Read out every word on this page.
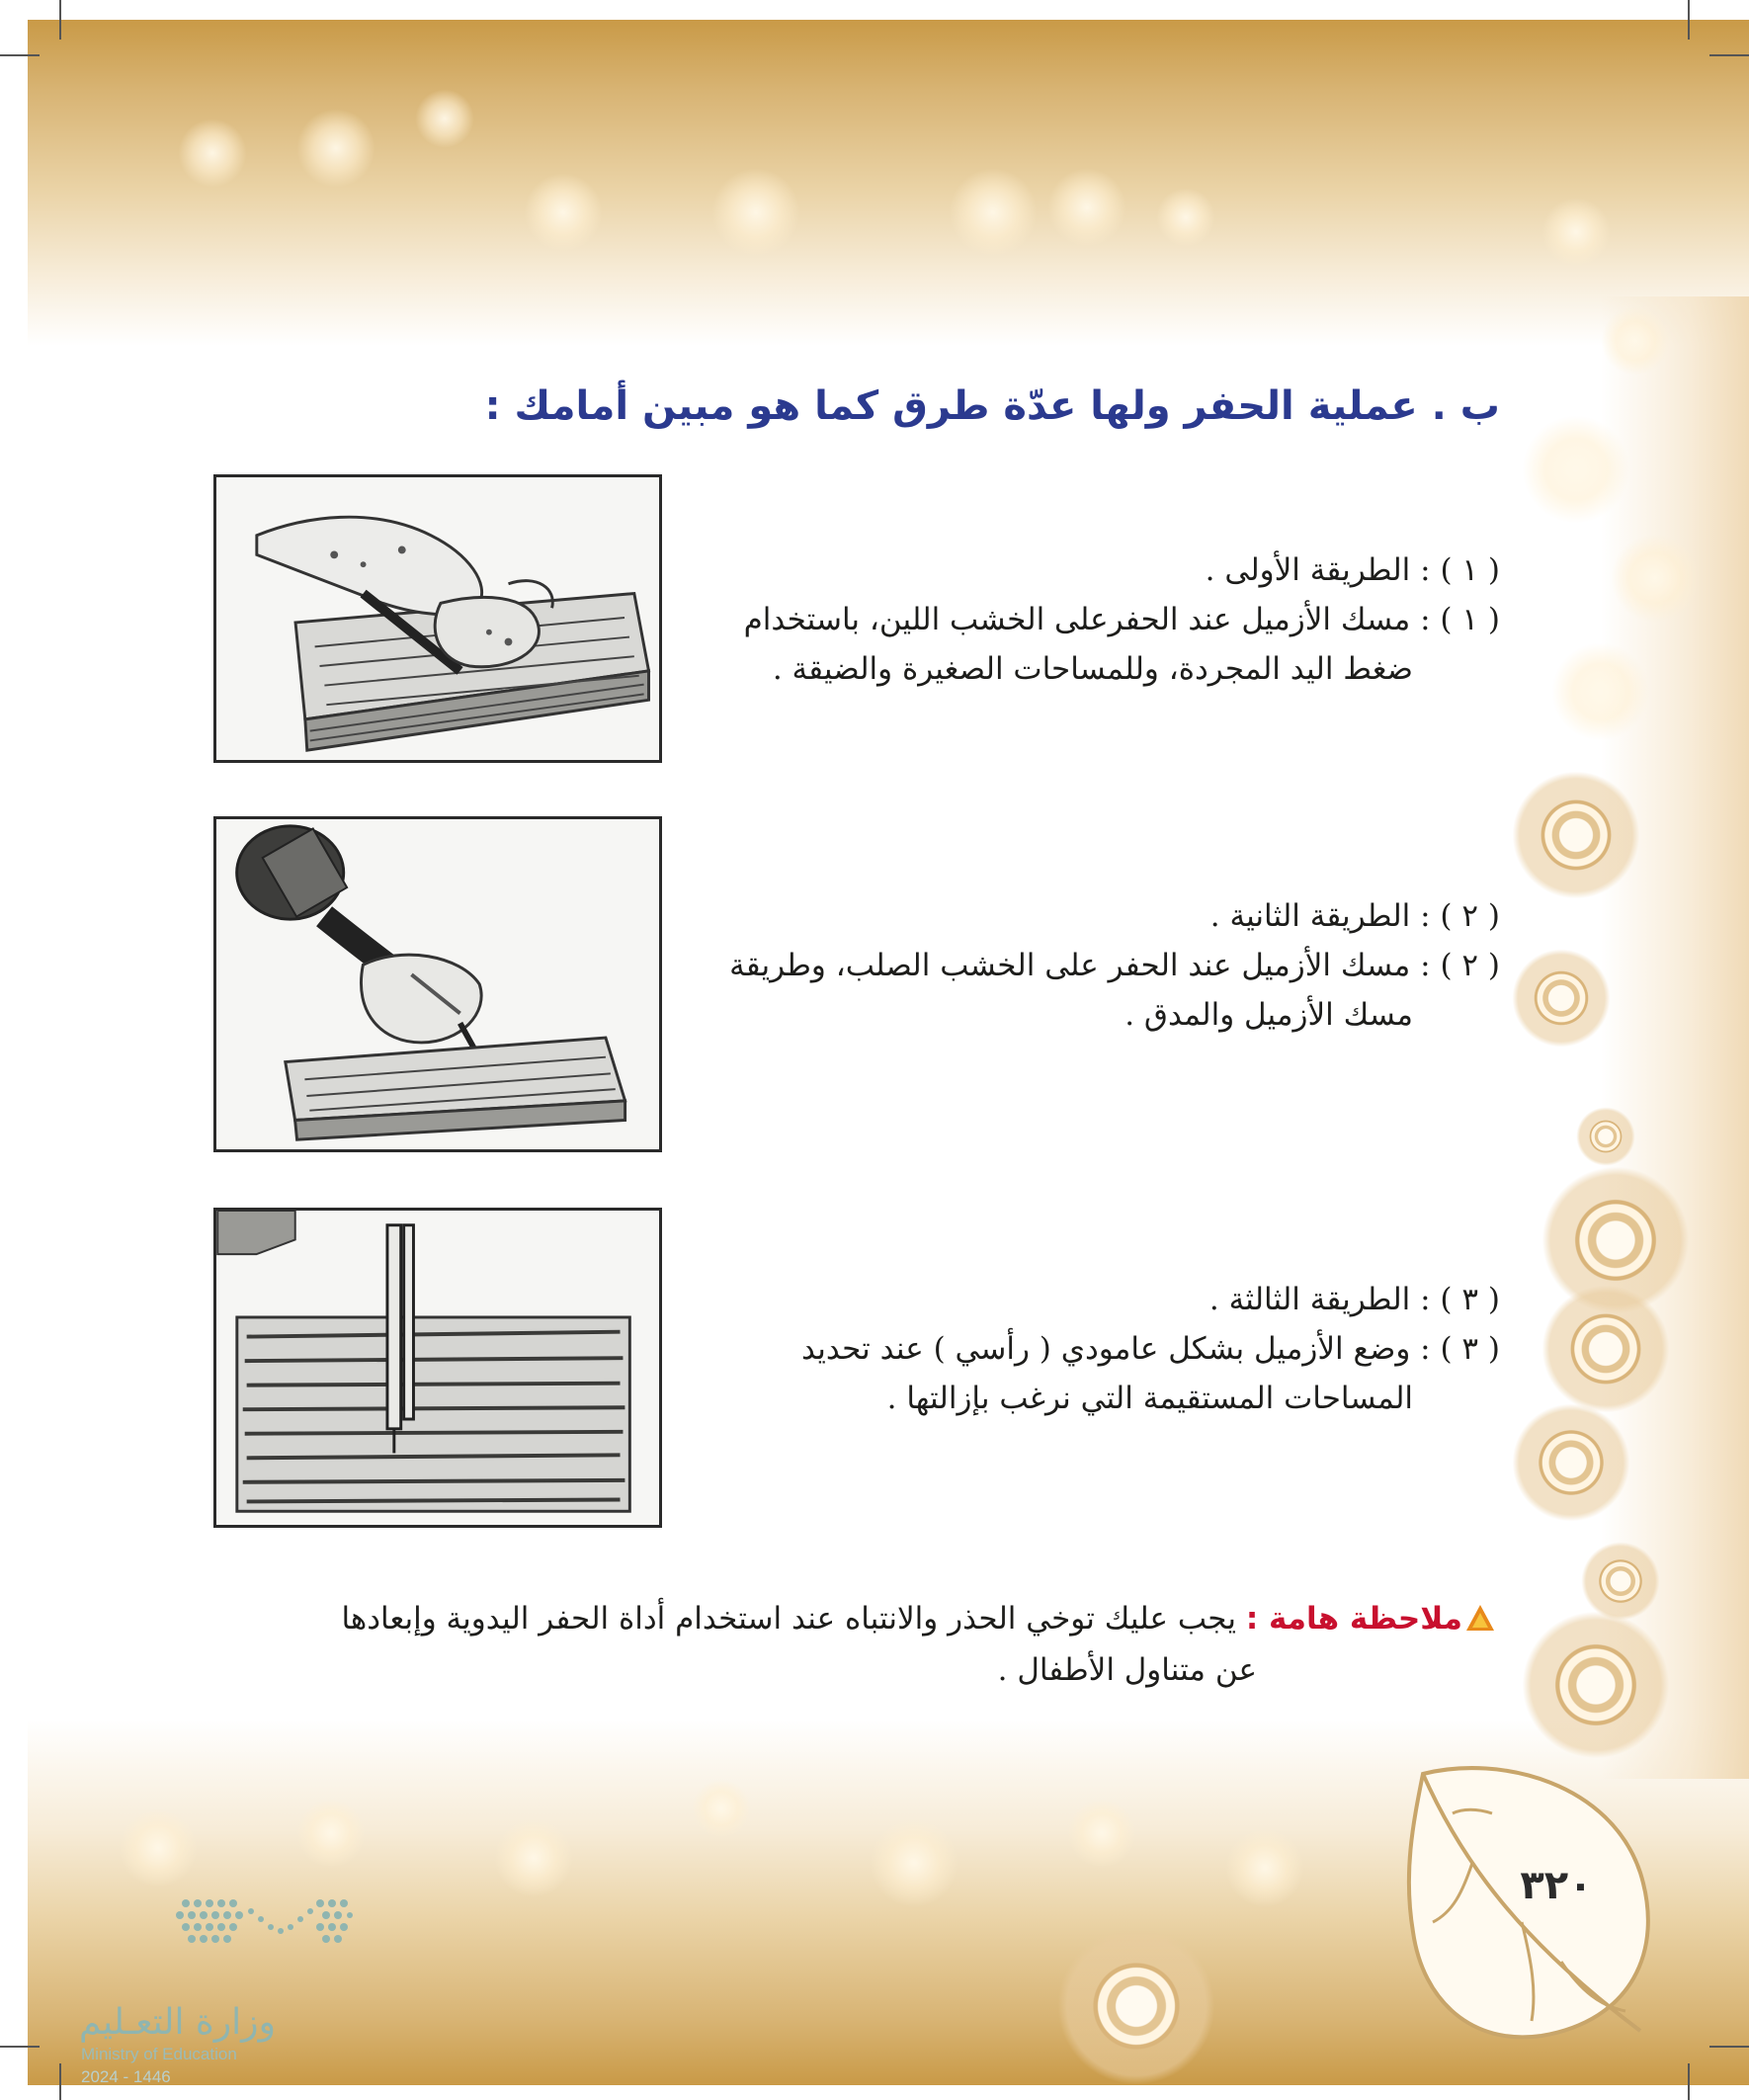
ب . عملية الحفر ولها عدّة طرق كما هو مبين أمامك :
( ١ ) : الطريقة الأولى .
( ١ ) : مسك الأزميل عند الحفرعلى الخشب اللين، باستخدام
ضغط اليد المجردة، وللمساحات الصغيرة والضيقة .
( ٢ ) : الطريقة الثانية .
( ٢ ) : مسك الأزميل عند الحفر على الخشب الصلب، وطريقة
مسك الأزميل والمدق .
( ٣ ) : الطريقة الثالثة .
( ٣ ) : وضع الأزميل بشكل عامودي ( رأسي ) عند تحديد
المساحات المستقيمة التي نرغب بإزالتها .
ملاحظة هامة : يجب عليك توخي الحذر والانتباه عند استخدام أداة الحفر اليدوية وإبعادها
عن متناول الأطفال .
٣٢٠
وزارة التعـليم
Ministry of Education
2024 - 1446
